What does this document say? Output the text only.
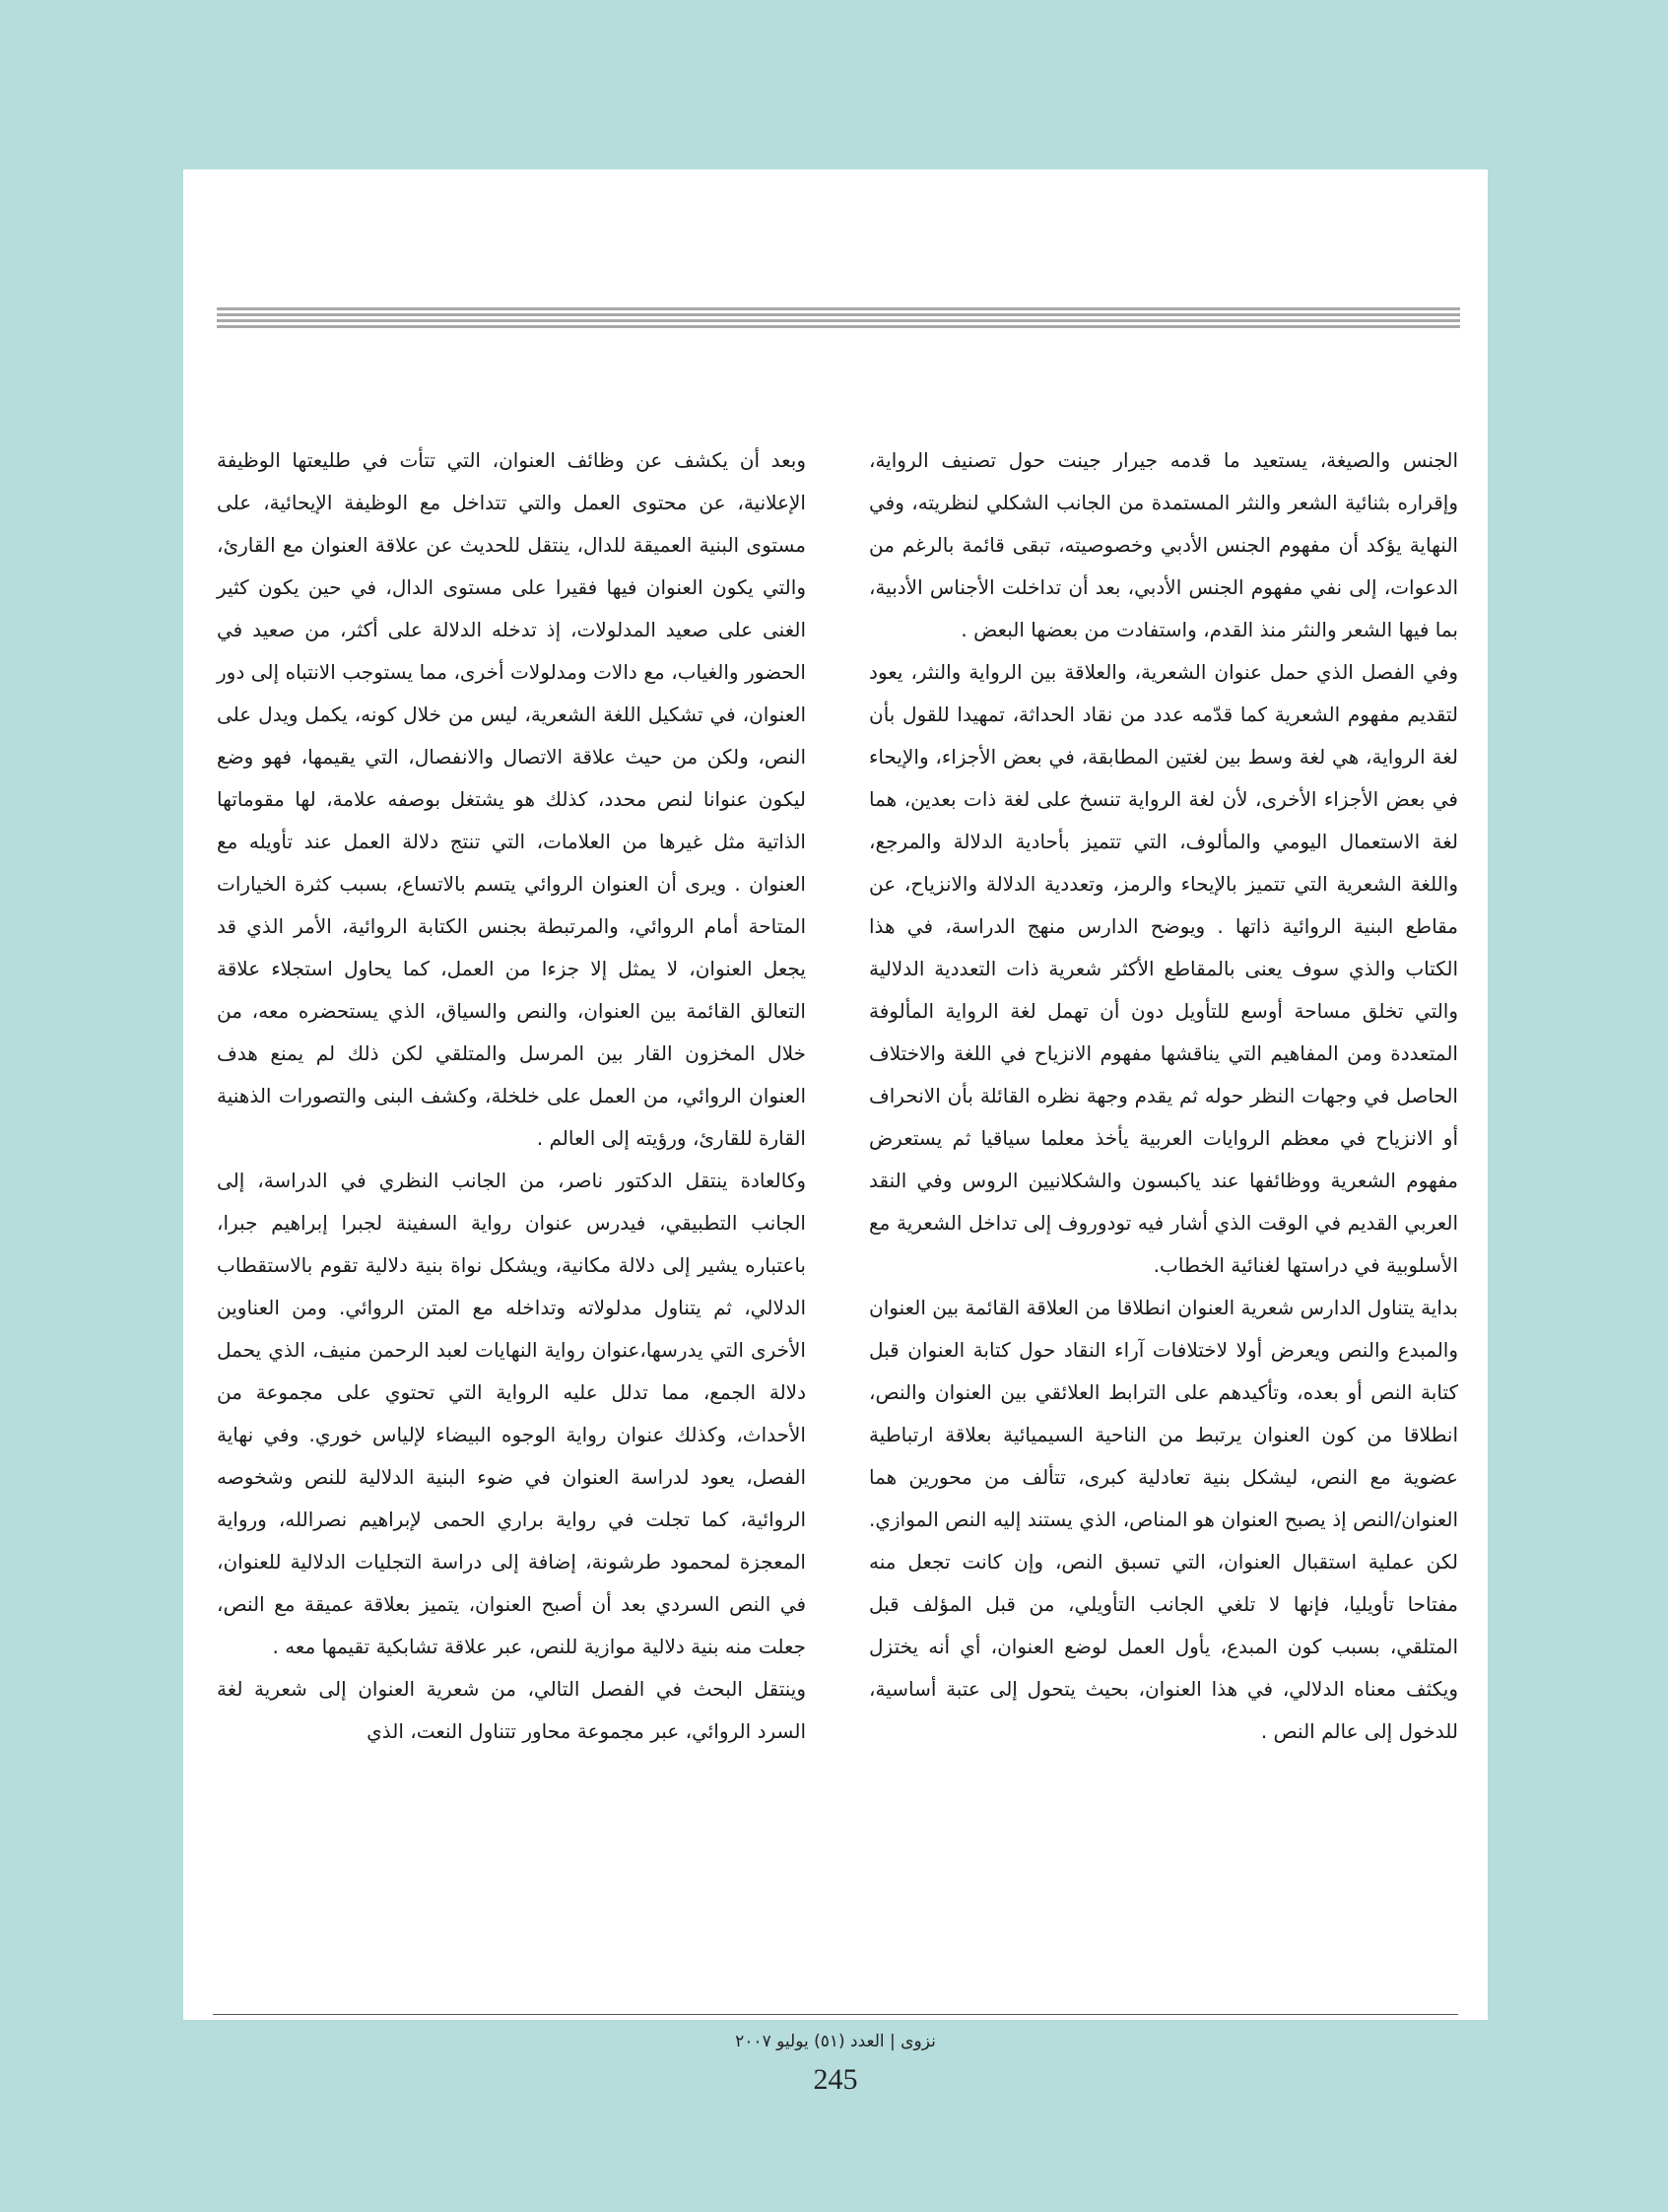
الجنس والصيغة، يستعيد ما قدمه جيرار جينت حول تصنيف الرواية، وإقراره بثنائية الشعر والنثر المستمدة من الجانب الشكلي لنظريته، وفي النهاية يؤكد أن مفهوم الجنس الأدبي وخصوصيته، تبقى قائمة بالرغم من الدعوات، إلى نفي مفهوم الجنس الأدبي، بعد أن تداخلت الأجناس الأدبية، بما فيها الشعر والنثر منذ القدم، واستفادت من بعضها البعض .

وفي الفصل الذي حمل عنوان الشعرية، والعلاقة بين الرواية والنثر، يعود لتقديم مفهوم الشعرية كما قدّمه عدد من نقاد الحداثة، تمهيدا للقول بأن لغة الرواية، هي لغة وسط بين لغتين المطابقة، في بعض الأجزاء، والإيحاء في بعض الأجزاء الأخرى، لأن لغة الرواية تنسخ على لغة ذات بعدين، هما لغة الاستعمال اليومي والمألوف، التي تتميز بأحادية الدلالة والمرجع، واللغة الشعرية التي تتميز بالإيحاء والرمز، وتعددية الدلالة والانزياح، عن مقاطع البنية الروائية ذاتها . ويوضح الدارس منهج الدراسة، في هذا الكتاب والذي سوف يعنى بالمقاطع الأكثر شعرية ذات التعددية الدلالية والتي تخلق مساحة أوسع للتأويل دون أن تهمل لغة الرواية المألوفة المتعددة ومن المفاهيم التي يناقشها مفهوم الانزياح في اللغة والاختلاف الحاصل في وجهات النظر حوله ثم يقدم وجهة نظره القائلة بأن الانحراف أو الانزياح في معظم الروايات العربية يأخذ معلما سياقيا ثم يستعرض مفهوم الشعرية ووظائفها عند ياكبسون والشكلانيين الروس وفي النقد العربي القديم في الوقت الذي أشار فيه تودوروف إلى تداخل الشعرية مع الأسلوبية في دراستها لغنائية الخطاب.

بداية يتناول الدارس شعرية العنوان انطلاقا من العلاقة القائمة بين العنوان والمبدع والنص ويعرض أولا لاختلافات آراء النقاد حول كتابة العنوان قبل كتابة النص أو بعده، وتأكيدهم على الترابط العلائقي بين العنوان والنص، انطلاقا من كون العنوان يرتبط من الناحية السيميائية بعلاقة ارتباطية عضوية مع النص، ليشكل بنية تعادلية كبرى، تتألف من محورين هما العنوان/النص إذ يصبح العنوان هو المناص، الذي يستند إليه النص الموازي. لكن عملية استقبال العنوان، التي تسبق النص، وإن كانت تجعل منه مفتاحا تأويليا، فإنها لا تلغي الجانب التأويلي، من قبل المؤلف قبل المتلقي، بسبب كون المبدع، يأول العمل لوضع العنوان، أي أنه يختزل ويكثف معناه الدلالي، في هذا العنوان، بحيث يتحول إلى عتبة أساسية، للدخول إلى عالم النص .

وبعد أن يكشف عن وظائف العنوان، التي تتأت في طليعتها الوظيفة الإعلانية، عن محتوى العمل والتي تتداخل مع الوظيفة الإيحائية، على مستوى البنية العميقة للدال، ينتقل للحديث عن علاقة العنوان مع القارئ، والتي يكون العنوان فيها فقيرا على مستوى الدال، في حين يكون كثير الغنى على صعيد المدلولات، إذ تدخله الدلالة على أكثر، من صعيد في الحضور والغياب، مع دالات ومدلولات أخرى، مما يستوجب الانتباه إلى دور العنوان، في تشكيل اللغة الشعرية، ليس من خلال كونه، يكمل ويدل على النص، ولكن من حيث علاقة الاتصال والانفصال، التي يقيمها، فهو وضع ليكون عنوانا لنص محدد، كذلك هو يشتغل بوصفه علامة، لها مقوماتها الذاتية مثل غيرها من العلامات، التي تنتج دلالة العمل عند تأويله مع العنوان . ويرى أن العنوان الروائي يتسم بالاتساع، بسبب كثرة الخيارات المتاحة أمام الروائي، والمرتبطة بجنس الكتابة الروائية، الأمر الذي قد يجعل العنوان، لا يمثل إلا جزءا من العمل، كما يحاول استجلاء علاقة التعالق القائمة بين العنوان، والنص والسياق، الذي يستحضره معه، من خلال المخزون القار بين المرسل والمتلقي لكن ذلك لم يمنع هدف العنوان الروائي، من العمل على خلخلة، وكشف البنى والتصورات الذهنية القارة للقارئ، ورؤيته إلى العالم .

وكالعادة ينتقل الدكتور ناصر، من الجانب النظري في الدراسة، إلى الجانب التطبيقي، فيدرس عنوان رواية السفينة لجبرا إبراهيم جبرا، باعتباره يشير إلى دلالة مكانية، ويشكل نواة بنية دلالية تقوم بالاستقطاب الدلالي، ثم يتناول مدلولاته وتداخله مع المتن الروائي. ومن العناوين الأخرى التي يدرسها،عنوان رواية النهايات لعبد الرحمن منيف، الذي يحمل دلالة الجمع، مما تدلل عليه الرواية التي تحتوي على مجموعة من الأحداث، وكذلك عنوان رواية الوجوه البيضاء لإلياس خوري. وفي نهاية الفصل، يعود لدراسة العنوان في ضوء البنية الدلالية للنص وشخوصه الروائية، كما تجلت في رواية براري الحمى لإبراهيم نصرالله، ورواية المعجزة لمحمود طرشونة، إضافة إلى دراسة التجليات الدلالية للعنوان، في النص السردي بعد أن أصبح العنوان، يتميز بعلاقة عميقة مع النص، جعلت منه بنية دلالية موازية للنص، عبر علاقة تشابكية تقيمها معه .

وينتقل البحث في الفصل التالي، من شعرية العنوان إلى شعرية لغة السرد الروائي، عبر مجموعة محاور تتناول النعت، الذي

نزوى | العدد (٥١) يوليو ٢٠٠٧
245
